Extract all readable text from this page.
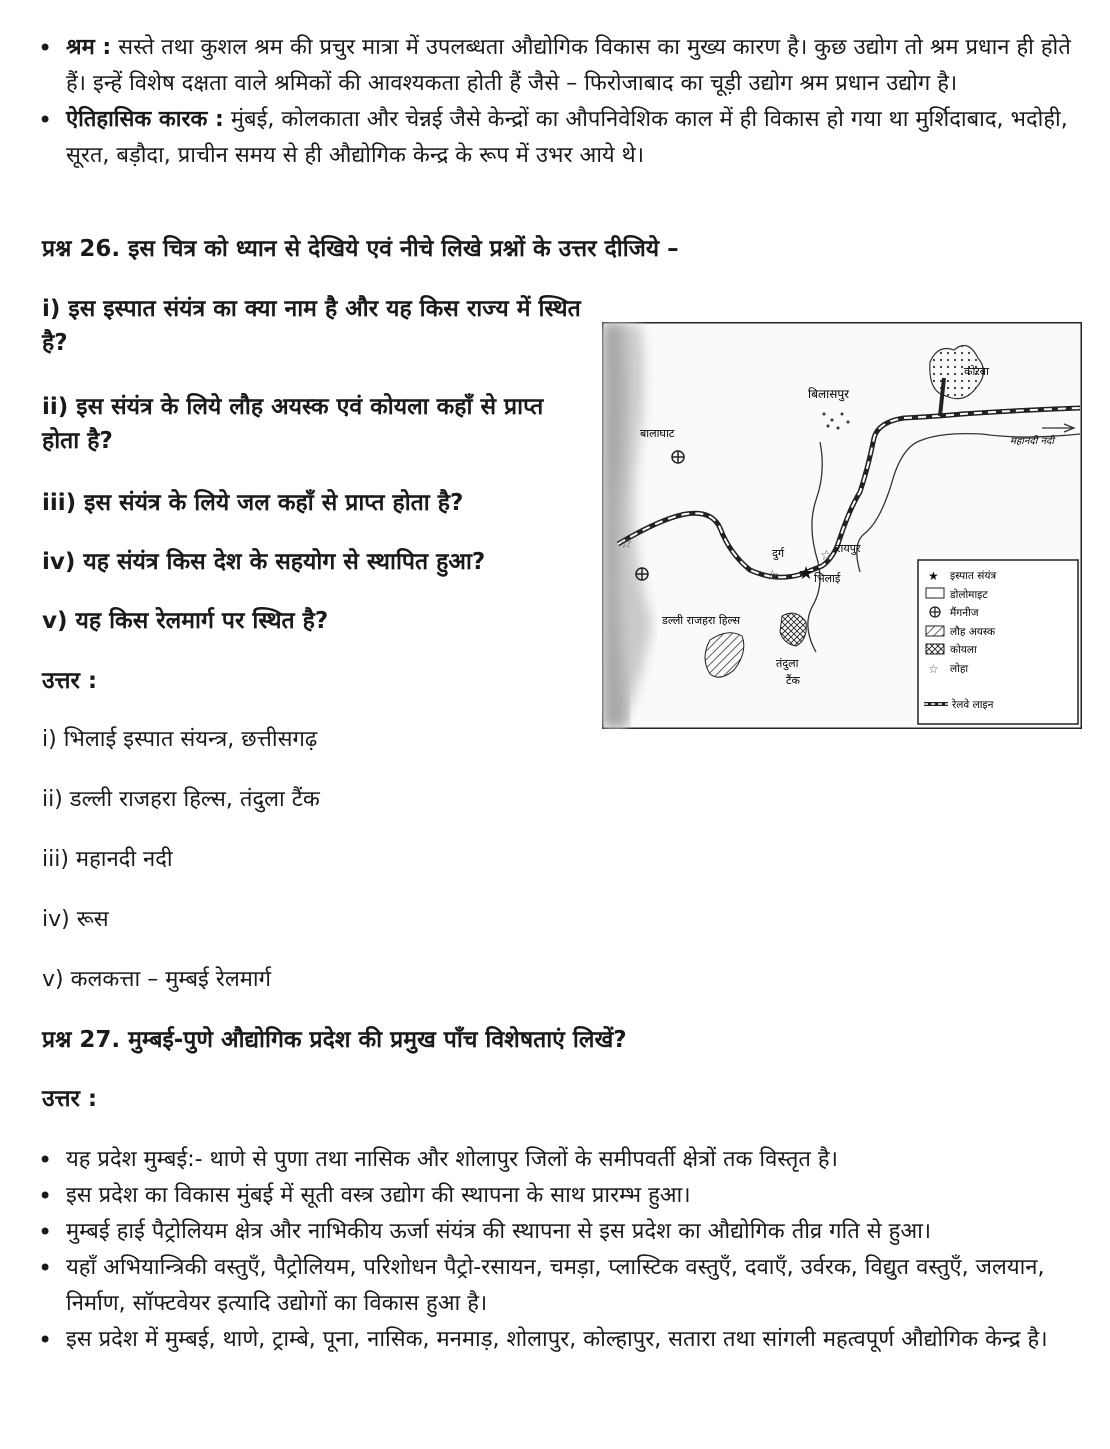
• श्रम : सस्ते तथा कुशल श्रम की प्रचुर मात्रा में उपलब्धता औद्योगिक विकास का मुख्य कारण है। कुछ उद्योग तो श्रम प्रधान ही होते हैं। इन्हें विशेष दक्षता वाले श्रमिकों की आवश्यकता होती हैं जैसे – फिरोजाबाद का चूड़ी उद्योग श्रम प्रधान उद्योग है।
• ऐतिहासिक कारक : मुंबई, कोलकाता और चेन्नई जैसे केन्द्रों का औपनिवेशिक काल में ही विकास हो गया था मुर्शिदाबाद, भदोही, सूरत, बड़ौदा, प्राचीन समय से ही औद्योगिक केन्द्र के रूप में उभर आये थे।
प्रश्न 26. इस चित्र को ध्यान से देखिये एवं नीचे लिखे प्रश्नों के उत्तर दीजिये –
i) इस इस्पात संयंत्र का क्या नाम है और यह किस राज्य में स्थित है?
ii) इस संयंत्र के लिये लौह अयस्क एवं कोयला कहाँ से प्राप्त होता है?
iii) इस संयंत्र के लिये जल कहाँ से प्राप्त होता है?
iv) यह संयंत्र किस देश के सहयोग से स्थापित हुआ?
v) यह किस रेलमार्ग पर स्थित है?
उत्तर :
i) भिलाई इस्पात संयन्त्र, छत्तीसगढ़
ii) डल्ली राजहरा हिल्स, तंदुला टैंक
iii) महानदी नदी
iv) रूस
v) कलकत्ता – मुम्बई रेलमार्ग
कोरबा
बिलासपुर
बालाघाट
महानदी नदी
☆
☆
☆
★
दुर्ग	रायपुर
भिलाई
डल्ली राजहरा हिल्स
तंदुला
टैंक
★ इस्पात संयंत्र
डोलोमाइट
मैंगनीज
लौह अयस्क
कोयला
☆ लोहा
रेलवे लाइन
प्रश्न 27. मुम्बई-पुणे औद्योगिक प्रदेश की प्रमुख पाँच विशेषताएं लिखें?
उत्तर :
• यह प्रदेश मुम्बई:- थाणे से पुणा तथा नासिक और शोलापुर जिलों के समीपवर्ती क्षेत्रों तक विस्तृत है।
• इस प्रदेश का विकास मुंबई में सूती वस्त्र उद्योग की स्थापना के साथ प्रारम्भ हुआ।
• मुम्बई हाई पैट्रोलियम क्षेत्र और नाभिकीय ऊर्जा संयंत्र की स्थापना से इस प्रदेश का औद्योगिक तीव्र गति से हुआ।
• यहाँ अभियान्त्रिकी वस्तुएँ, पैट्रोलियम, परिशोधन पैट्रो-रसायन, चमड़ा, प्लास्टिक वस्तुएँ, दवाएँ, उर्वरक, विद्युत वस्तुएँ, जलयान, निर्माण, सॉफ्टवेयर इत्यादि उद्योगों का विकास हुआ है।
• इस प्रदेश में मुम्बई, थाणे, ट्राम्बे, पूना, नासिक, मनमाड़, शोलापुर, कोल्हापुर, सतारा तथा सांगली महत्वपूर्ण औद्योगिक केन्द्र है।
